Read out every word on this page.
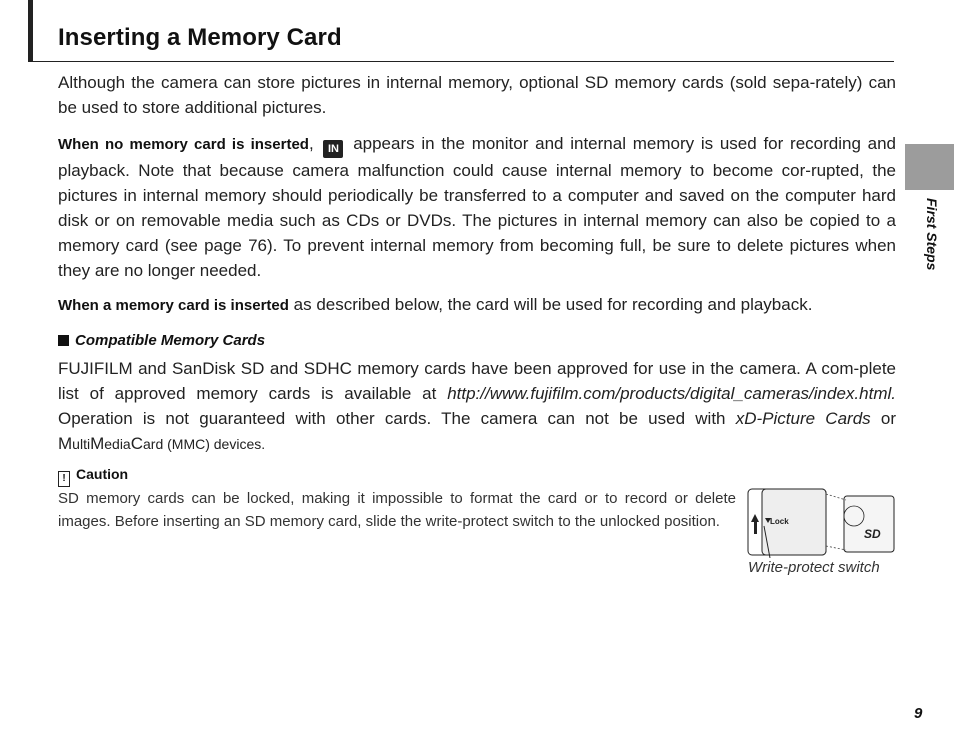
Inserting a Memory Card

Although the camera can store pictures in internal memory, optional SD memory cards (sold sepa-rately) can be used to store additional pictures.

When no memory card is inserted, IN appears in the monitor and internal memory is used for recording and playback. Note that because camera malfunction could cause internal memory to become cor-rupted, the pictures in internal memory should periodically be transferred to a computer and saved on the computer hard disk or on removable media such as CDs or DVDs. The pictures in internal memory can also be copied to a memory card (see page 76). To prevent internal memory from becoming full, be sure to delete pictures when they are no longer needed.

When a memory card is inserted as described below, the card will be used for recording and playback.

Compatible Memory Cards

FUJIFILM and SanDisk SD and SDHC memory cards have been approved for use in the camera. A com-plete list of approved memory cards is available at http://www.fujifilm.com/products/digital_cameras/index.html. Operation is not guaranteed with other cards. The camera can not be used with xD-Picture Cards or MultiMediaCard (MMC) devices.

! Caution

SD memory cards can be locked, making it impossible to format the card or to record or delete images. Before inserting an SD memory card, slide the write-protect switch to the unlocked position.	Lock
SD
Write-protect switch
First Steps
9
